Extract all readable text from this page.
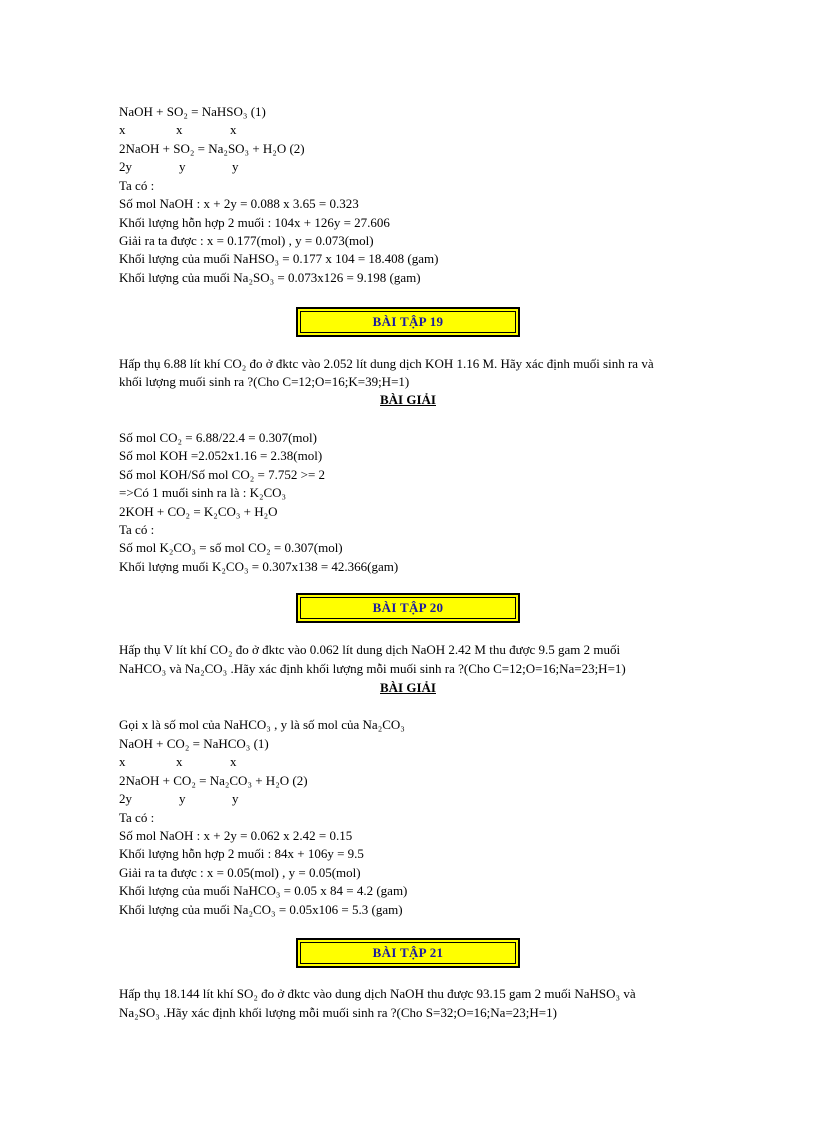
NaOH + SO₂ = NaHSO₃ (1)
x	x	x
2NaOH + SO₂ = Na₂SO₃ + H₂O (2)
2y	y	y
Ta có :
Số mol NaOH : x + 2y = 0.088 x 3.65 = 0.323
Khối lượng hỗn hợp 2 muối : 104x + 126y = 27.606
Giải ra ta được : x = 0.177(mol) , y = 0.073(mol)
Khối lượng của muối NaHSO₃ = 0.177 x 104 = 18.408 (gam)
Khối lượng của muối Na₂SO₃ = 0.073x126 = 9.198 (gam)
BÀI TẬP 19
Hấp thụ 6.88 lít khí CO₂ đo ở đktc vào 2.052 lít dung dịch KOH 1.16 M. Hãy xác định muối sinh ra và
khối lượng muối sinh ra ?(Cho C=12;O=16;K=39;H=1)
BÀI GIẢI
Số mol CO₂ = 6.88/22.4 = 0.307(mol)
Số mol KOH =2.052x1.16 = 2.38(mol)
Số mol KOH/Số mol CO₂ = 7.752 >= 2
=>Có 1 muối sinh ra là : K₂CO₃
2KOH + CO₂ = K₂CO₃ + H₂O
Ta có :
Số mol K₂CO₃ = số mol CO₂ = 0.307(mol)
Khối lượng muối K₂CO₃ = 0.307x138 = 42.366(gam)
BÀI TẬP 20
Hấp thụ V lít khí CO₂ đo ở đktc vào 0.062 lít dung dịch NaOH 2.42 M thu được 9.5 gam 2 muối
NaHCO₃ và Na₂CO₃ .Hãy xác định khối lượng mỗi muối sinh ra ?(Cho C=12;O=16;Na=23;H=1)
BÀI GIẢI
Gọi x là số mol của NaHCO₃ , y là số mol của Na₂CO₃
NaOH + CO₂ = NaHCO₃ (1)
x	x	x
2NaOH + CO₂ = Na₂CO₃ + H₂O (2)
2y	y	y
Ta có :
Số mol NaOH : x + 2y = 0.062 x 2.42 = 0.15
Khối lượng hỗn hợp 2 muối : 84x + 106y = 9.5
Giải ra ta được : x = 0.05(mol) , y = 0.05(mol)
Khối lượng của muối NaHCO₃ = 0.05 x 84 = 4.2 (gam)
Khối lượng của muối Na₂CO₃ = 0.05x106 = 5.3 (gam)
BÀI TẬP 21
Hấp thụ 18.144 lít khí SO₂ đo ở đktc vào dung dịch NaOH thu được 93.15 gam 2 muối NaHSO₃ và
Na₂SO₃ .Hãy xác định khối lượng mỗi muối sinh ra ?(Cho S=32;O=16;Na=23;H=1)
